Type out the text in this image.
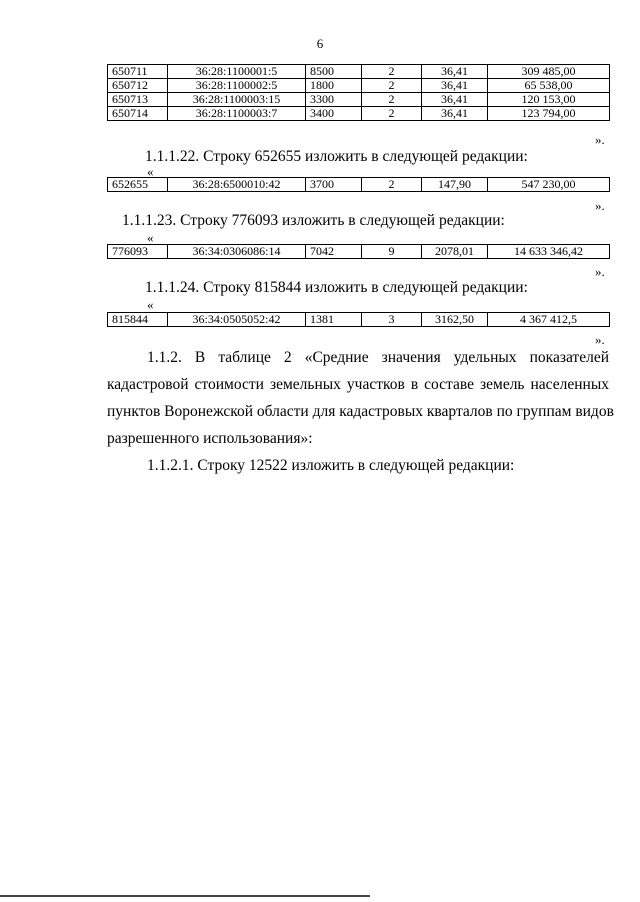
6
650711	36:28:1100001:5	8500	2	36,41	309 485,00
650712	36:28:1100002:5	1800	2	36,41	65 538,00
650713	36:28:1100003:15	3300	2	36,41	120 153,00
650714	36:28:1100003:7	3400	2	36,41	123 794,00
».
1.1.1.22. Строку 652655 изложить в следующей редакции:
«
652655	36:28:6500010:42	3700	2	147,90	547 230,00
».
1.1.1.23. Строку 776093 изложить в следующей редакции:
«
776093	36:34:0306086:14	7042	9	2078,01	14 633 346,42
».
1.1.1.24. Строку 815844 изложить в следующей редакции:
«
815844	36:34:0505052:42	1381	3	3162,50	4 367 412,5
».
1.1.2. В таблице 2 «Средние значения удельных показателей
кадастровой стоимости земельных участков в составе земель населенных
пунктов Воронежской области для кадастровых кварталов по группам видов
разрешенного использования»:
1.1.2.1. Строку 12522 изложить в следующей редакции:
